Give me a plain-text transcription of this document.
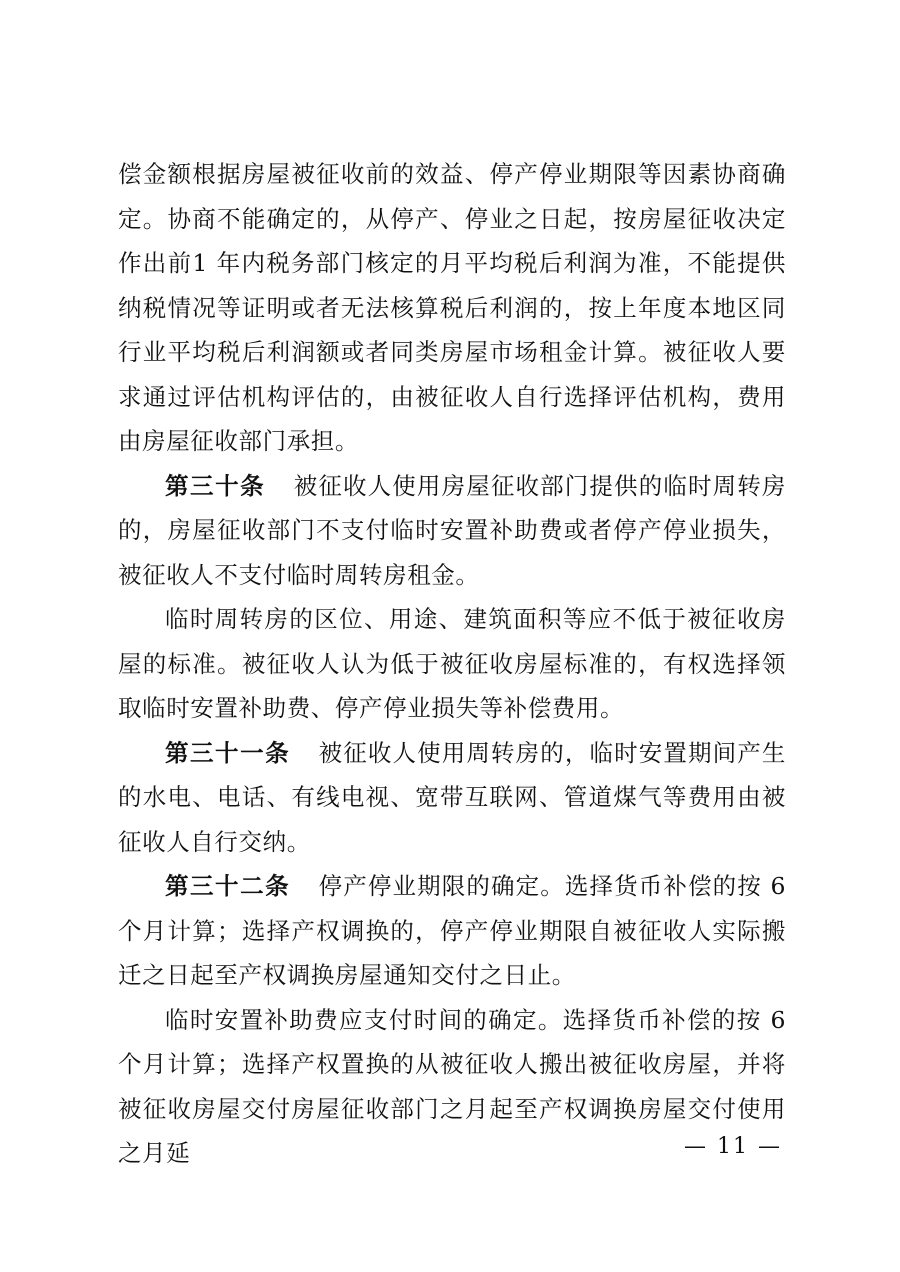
偿金额根据房屋被征收前的效益、停产停业期限等因素协商确定。协商不能确定的，从停产、停业之日起，按房屋征收决定作出前1 年内税务部门核定的月平均税后利润为准，不能提供纳税情况等证明或者无法核算税后利润的，按上年度本地区同行业平均税后利润额或者同类房屋市场租金计算。被征收人要求通过评估机构评估的，由被征收人自行选择评估机构，费用由房屋征收部门承担。

第三十条 被征收人使用房屋征收部门提供的临时周转房的，房屋征收部门不支付临时安置补助费或者停产停业损失，被征收人不支付临时周转房租金。

临时周转房的区位、用途、建筑面积等应不低于被征收房屋的标准。被征收人认为低于被征收房屋标准的，有权选择领取临时安置补助费、停产停业损失等补偿费用。

第三十一条 被征收人使用周转房的，临时安置期间产生的水电、电话、有线电视、宽带互联网、管道煤气等费用由被征收人自行交纳。

第三十二条 停产停业期限的确定。选择货币补偿的按 6 个月计算；选择产权调换的，停产停业期限自被征收人实际搬迁之日起至产权调换房屋通知交付之日止。

临时安置补助费应支付时间的确定。选择货币补偿的按 6 个月计算；选择产权置换的从被征收人搬出被征收房屋，并将被征收房屋交付房屋征收部门之月起至产权调换房屋交付使用之月延	— 11 —
